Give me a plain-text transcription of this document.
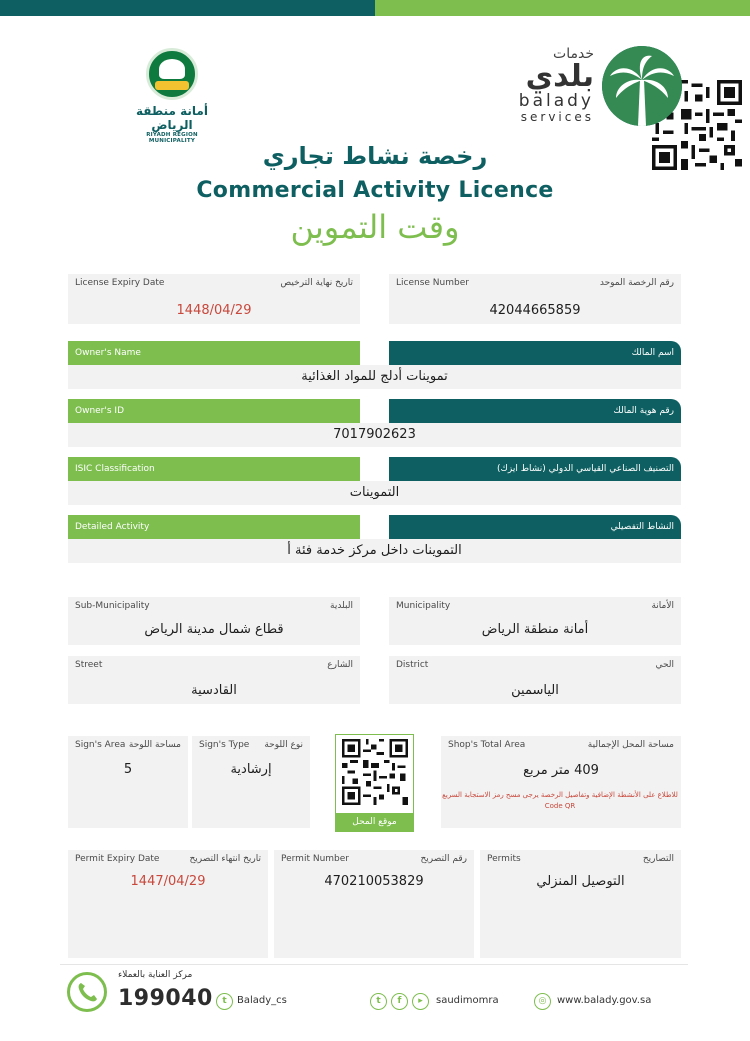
أمانة منطقة الرياض
RIYADH REGION MUNICIPALITY
خدمات
بلدي
balady
services
رخصة نشاط تجاري
Commercial Activity Licence
وقت التموين
License Expiry Date	تاريخ نهاية الترخيص
1448/04/29
License Number	رقم الرخصة الموحد
42044665859
Owner's Name	اسم المالك
تموينات أدلج للمواد الغذائية
Owner's ID	رقم هوية المالك
7017902623
ISIC Classification	التصنيف الصناعي القياسي الدولي (نشاط ايزك)
التموينات
Detailed Activity	النشاط التفصيلي
التموينات داخل مركز خدمة فئة أ
Sub-Municipality	البلدية
قطاع شمال مدينة الرياض
Municipality	الأمانة
أمانة منطقة الرياض
Street	الشارع
القادسية
District	الحي
الياسمين
Sign's Area مساحة اللوحة
5
Sign's Type نوع اللوحة
إرشادية
موقع المحل
Shop's Total Area	مساحة المحل الإجمالية
409 متر مربع
للاطلاع على الأنشطة الإضافية وتفاصيل الرخصة يرجى مسح رمز الاستجابة السريع Code QR
Permit Expiry Date	تاريخ انتهاء التصريح
1447/04/29
Permit Number	رقم التصريح
470210053829
Permits	التصاريح
التوصيل المنزلي
مركز العناية بالعملاء
199040	t	Balady_cs	t	f	▸	saudimomra	◎	www.balady.gov.sa
